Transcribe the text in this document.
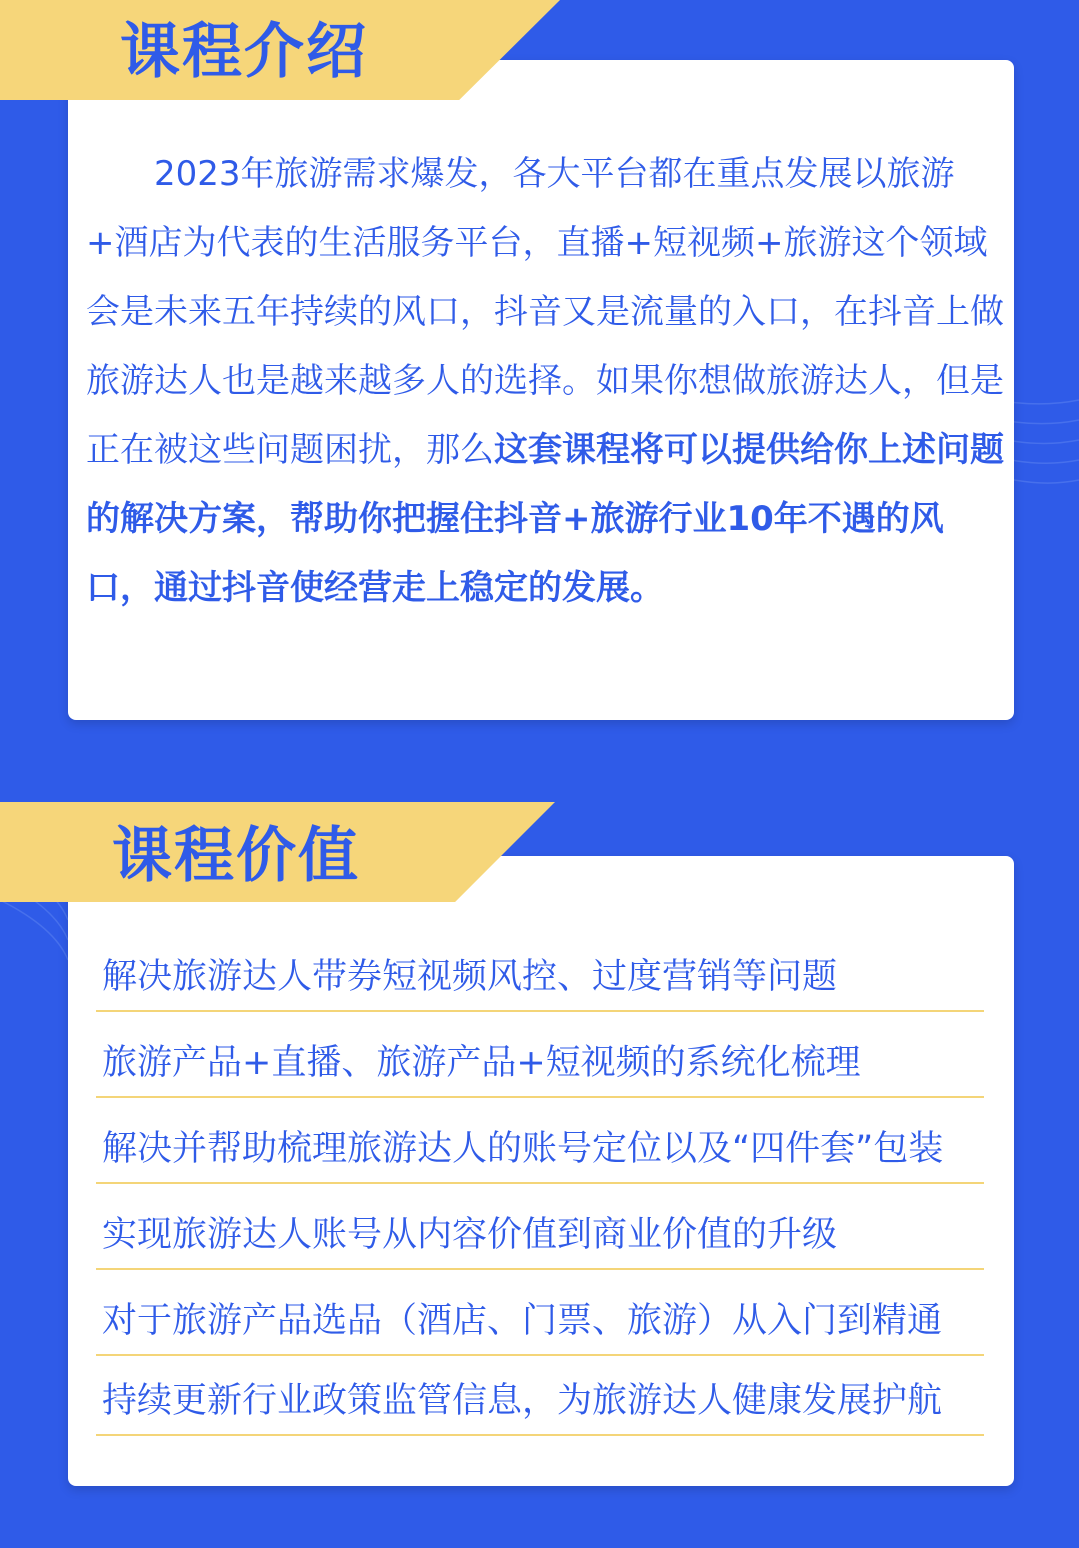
2023年旅游需求爆发，各大平台都在重点发展以旅游+酒店为代表的生活服务平台，直播+短视频+旅游这个领域会是未来五年持续的风口，抖音又是流量的入口，在抖音上做旅游达人也是越来越多人的选择。如果你想做旅游达人，但是正在被这些问题困扰，那么这套课程将可以提供给你上述问题的解决方案，帮助你把握住抖音+旅游行业10年不遇的风口，通过抖音使经营走上稳定的发展。
课程介绍
解决旅游达人带券短视频风控、过度营销等问题
旅游产品+直播、旅游产品+短视频的系统化梳理
解决并帮助梳理旅游达人的账号定位以及“四件套”包装
实现旅游达人账号从内容价值到商业价值的升级
对于旅游产品选品（酒店、门票、旅游）从入门到精通
持续更新行业政策监管信息，为旅游达人健康发展护航
课程价值
